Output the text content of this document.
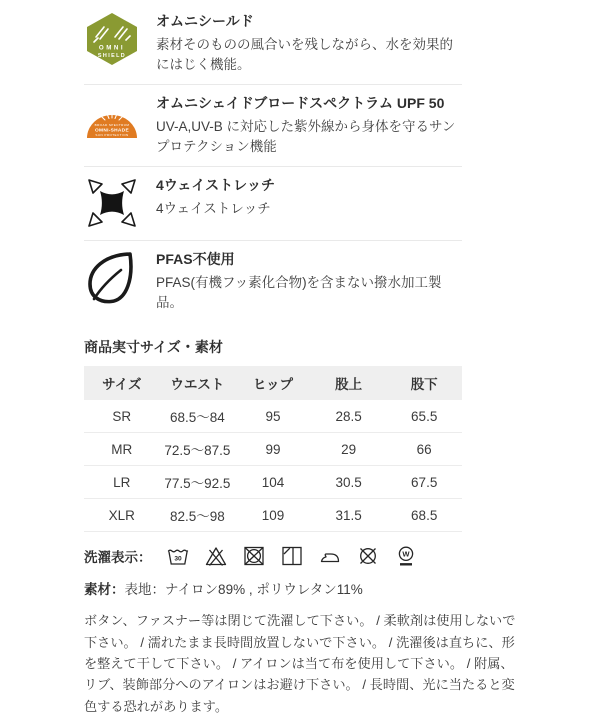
OMNI
SHIELD
オムニシールド
素材そのものの風合いを残しながら、水を効果的にはじく機能。
BROAD SPECTRUM
OMNI-SHADE
SUN PROTECTION
オムニシェイドブロードスペクトラム UPF 50
UV-A,UV-B に対応した紫外線から身体を守るサンプロテクション機能
4ウェイストレッチ
4ウェイストレッチ
PFAS不使用
PFAS(有機フッ素化合物)を含まない撥水加工製品。
商品実寸サイズ・素材
サイズ	ウエスト	ヒップ	股上	股下
SR	68.5〜84	95	28.5	65.5
MR	72.5〜87.5	99	29	66
LR	77.5〜92.5	104	30.5	67.5
XLR	82.5〜98	109	31.5	68.5
洗濯表示：	30
W
素材：表地：ナイロン89% , ポリウレタン11%
ボタン、ファスナー等は閉じて洗濯して下さい。 / 柔軟剤は使用しないで下さい。 / 濡れたまま長時間放置しないで下さい。 / 洗濯後は直ちに、形を整えて干して下さい。 / アイロンは当て布を使用して下さい。 / 附属、リブ、装飾部分へのアイロンはお避け下さい。 / 長時間、光に当たると変色する恐れがあります。
